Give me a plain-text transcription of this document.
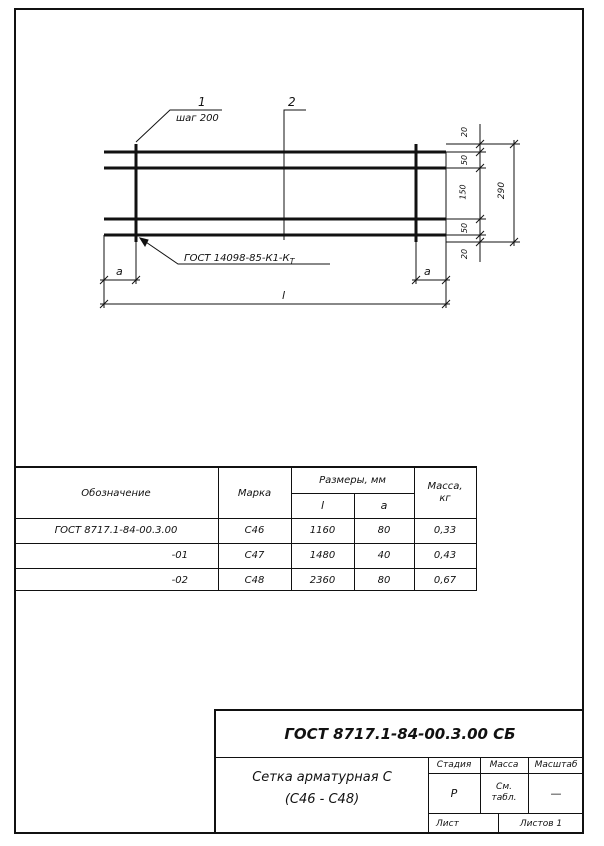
1	2
шаг 200
ГОСТ $14098-85-К1-К_Т$
a	a
l
20
50
150
50
20
290
Обозначение	Марка
Размеры, мм
l	a
Масса, кг
ГОСТ 8717.1-84-00.3.00	С46	1160	80	0,33
-01	С47	1480	40	0,43
-02	С48	2360	80	0,67
ГОСТ 8717.1-84-00.3.00 СБ
Сетка арматурная С
(С46 - С48)
Стадия	Масса	Масштаб
Р	См. табл.	—
Лист	Листов 1
